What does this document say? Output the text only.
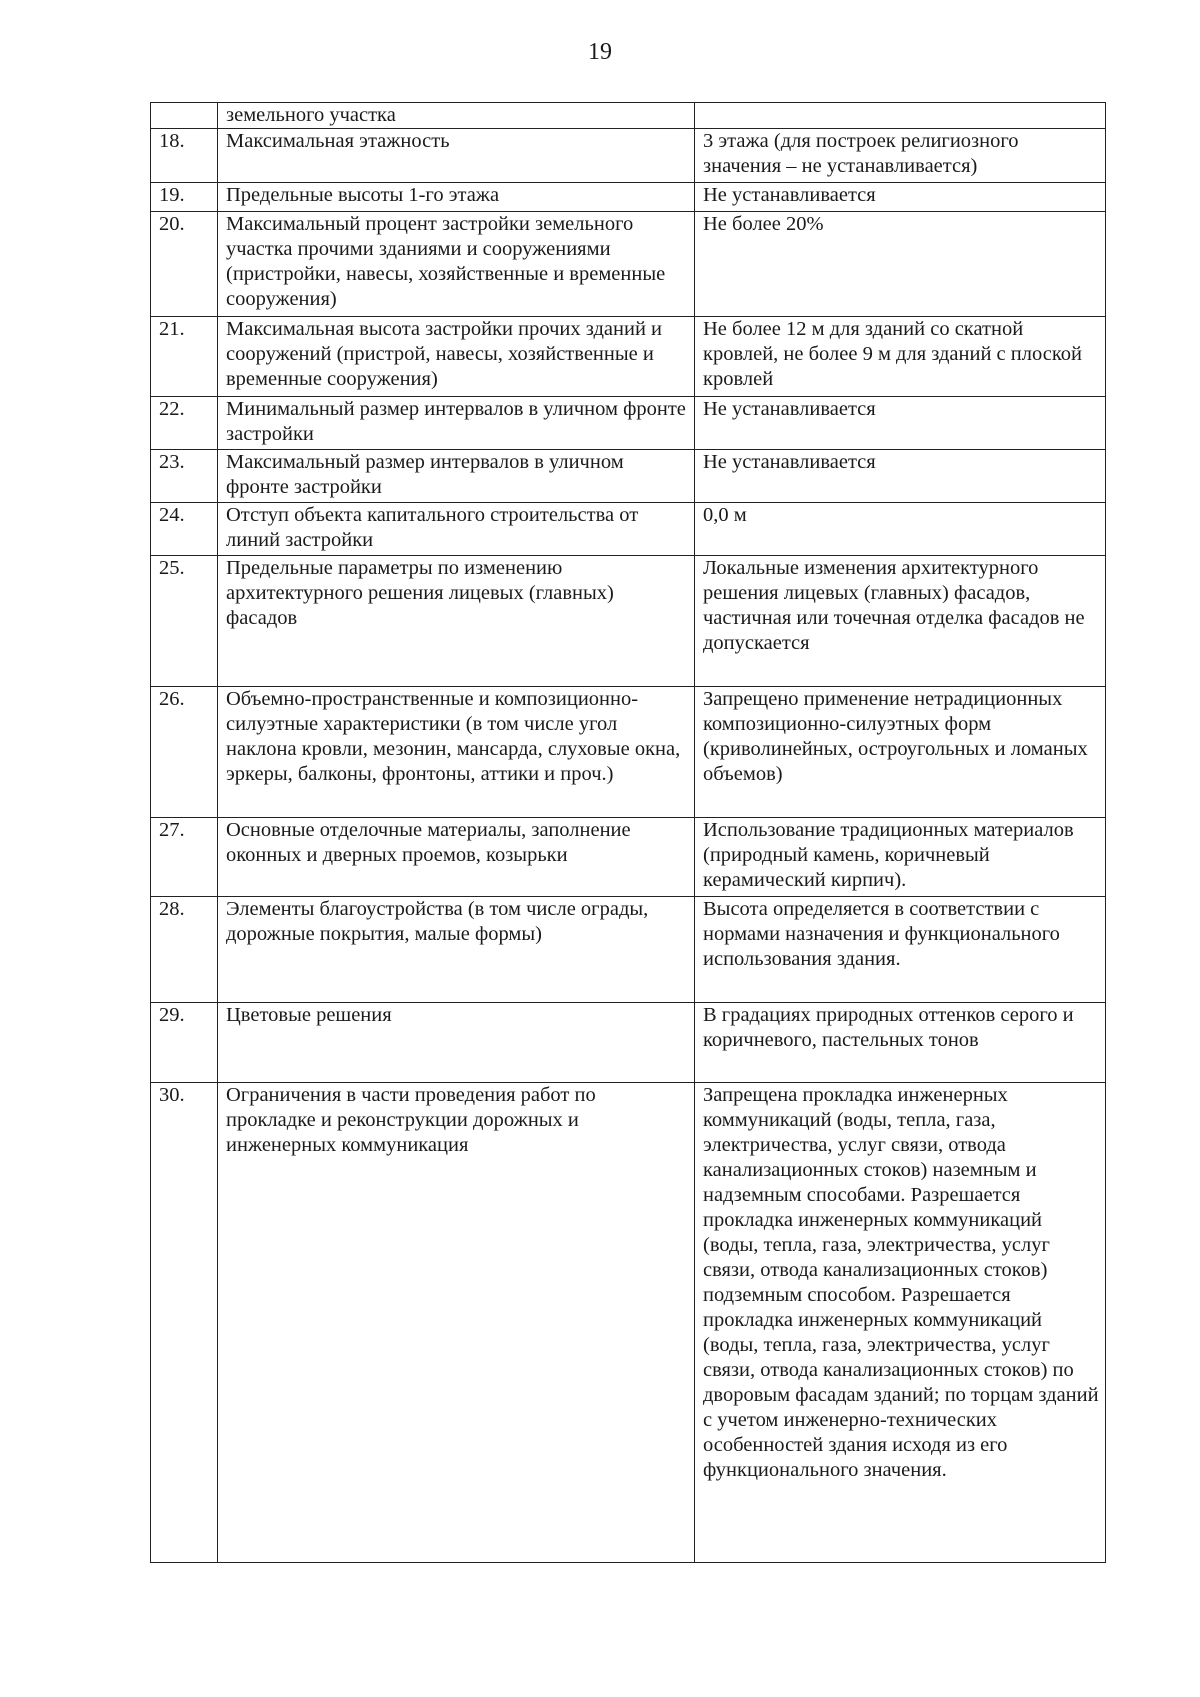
19
	земельного участка	
18.	Максимальная этажность	3 этажа (для построек религиозного значения – не устанавливается)
19.	Предельные высоты 1-го этажа	Не устанавливается
20.	Максимальный процент застройки земельного участка прочими зданиями и сооружениями (пристройки, навесы, хозяйственные и временные сооружения)	Не более 20%
21.	Максимальная высота застройки прочих зданий и сооружений (пристрой, навесы, хозяйственные и временные сооружения)	Не более 12 м для зданий со скатной кровлей, не более 9 м для зданий с плоской кровлей
22.	Минимальный размер интервалов в уличном фронте застройки	Не устанавливается
23.	Максимальный размер интервалов в уличном фронте застройки	Не устанавливается
24.	Отступ объекта капитального строительства от линий застройки	0,0 м
25.	Предельные параметры по изменению архитектурного решения лицевых (главных) фасадов	Локальные изменения архитектурного решения лицевых (главных) фасадов, частичная или точечная отделка фасадов не допускается
26.	Объемно-пространственные и композиционно-силуэтные характеристики (в том числе угол наклона кровли, мезонин, мансарда, слуховые окна, эркеры, балконы, фронтоны, аттики и проч.)	Запрещено применение нетрадиционных композиционно-силуэтных форм (криволинейных, остроугольных и ломаных объемов)
27.	Основные отделочные материалы, заполнение оконных и дверных проемов, козырьки	Использование традиционных материалов (природный камень, коричневый керамический кирпич).
28.	Элементы благоустройства (в том числе ограды, дорожные покрытия, малые формы)	Высота определяется в соответствии с нормами назначения и функционального использования здания.
29.	Цветовые решения	В градациях природных оттенков серого и коричневого, пастельных тонов
30.	Ограничения в части проведения работ по прокладке и реконструкции дорожных и инженерных коммуникация	Запрещена прокладка инженерных коммуникаций (воды, тепла, газа, электричества, услуг связи, отвода канализационных стоков) наземным и надземным способами. Разрешается прокладка инженерных коммуникаций (воды, тепла, газа, электричества, услуг связи, отвода канализационных стоков) подземным способом. Разрешается прокладка инженерных коммуникаций (воды, тепла, газа, электричества, услуг связи, отвода канализационных стоков) по дворовым фасадам зданий; по торцам зданий с учетом инженерно-технических особенностей здания исходя из его функционального значения.
